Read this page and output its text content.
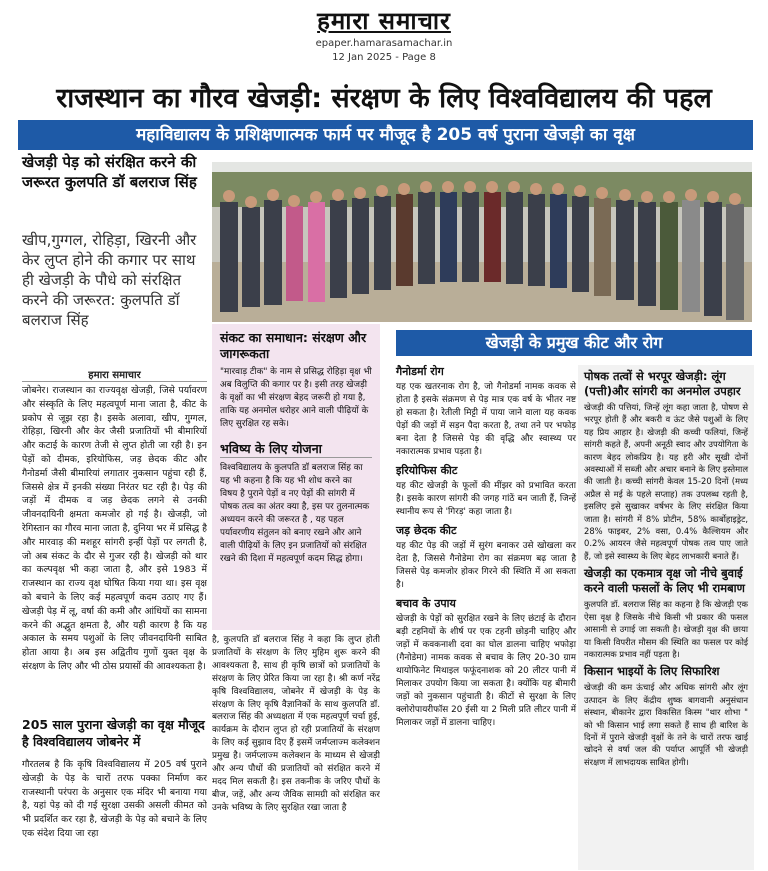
हमारा समाचार
epaper.hamarasamachar.in
12 Jan 2025 - Page 8
राजस्थान का गौरव खेजड़ी: संरक्षण के लिए विश्वविद्यालय की पहल
महाविद्यालय के प्रशिक्षणात्मक फार्म पर मौजूद है 205 वर्ष पुराना खेजड़ी का वृक्ष
खेजड़ी पेड़ को संरक्षित करने की जरूरत कुलपति डॉ बलराज सिंह
खीप,गुग्गल, रोहिड़ा, खिरनी और केर लुप्त होने की कगार पर साथ ही खेजड़ी के पौधे को संरक्षित करने की जरूरत: कुलपति डॉ बलराज सिंह
हमारा समाचार
जोबनेर। राजस्थान का राज्यवृक्ष खेजड़ी, जिसे पर्यावरण और संस्कृति के लिए महत्वपूर्ण माना जाता है, कीट के प्रकोप से जूझ रहा है। इसके अलावा, खीप, गुग्गल, रोहिड़ा, खिरनी और केर जैसी प्रजातियों भी बीमारियों और कटाई के कारण तेजी से लुप्त होती जा रही है। इन पेड़ों को दीमक, इरियोफिस, जड़ छेदक कीट और गैनोडर्मा जैसी बीमारियां लगातार नुकसान पहुंचा रही हैं, जिससे क्षेत्र में इनकी संख्या निरंतर घट रही है। पेड़ की जड़ों में दीमक व जड़ छेदक लगने से उनकी जीवनदायिनी क्षमता कमजोर हो गई है। खेजड़ी, जो रेगिस्तान का गौरव माना जाता है, दुनिया भर में प्रसिद्ध है और मारवाड़ की मशहूर सांगरी इन्हीं पेड़ों पर लगती है, जो अब संकट के दौर से गुजर रही है। खेजड़ी को थार का कल्पवृक्ष भी कहा जाता है, और इसे 1983 में राजस्थान का राज्य वृक्ष घोषित किया गया था। इस वृक्ष को बचाने के लिए कई महत्वपूर्ण कदम उठाए गए हैं। खेजड़ी पेड़ में लू, वर्षा की कमी और आंधियों का सामना करने की अद्भुत क्षमता है, और यही कारण है कि यह अकाल के समय पशुओं के लिए जीवनदायिनी साबित होता आया है। अब इस अद्वितीय गुणों युक्त वृक्ष के संरक्षण के लिए और भी ठोस प्रयासों की आवश्यकता है।
205 साल पुराना खेजड़ी का वृक्ष मौजूद है विश्वविद्यालय जोबनेर में
गौरतलब है कि कृषि विश्वविद्यालय में 205 वर्ष पुराने खेजड़ी के पेड़ के चारों तरफ पक्का निर्माण कर राजस्थानी परंपरा के अनुसार एक मंदिर भी बनाया गया है, यहां पेड़ को दी गई सुरक्षा उसकी असली कीमत को भी प्रदर्शित कर रहा है, खेजड़ी के पेड़ को बचाने के लिए एक संदेश दिया जा रहा
संकट का समाधान: संरक्षण और जागरूकता
"मारवाड़ टीक" के नाम से प्रसिद्ध रोहिड़ा वृक्ष भी अब विलुप्ति की कगार पर है। इसी तरह खेजड़ी के वृक्षों का भी संरक्षण बेहद जरूरी हो गया है, ताकि यह अनमोल धरोहर आने वाली पीढ़ियों के लिए सुरक्षित रह सके।
भविष्य के लिए योजना
विश्वविद्यालय के कुलपति डॉ बलराज सिंह का यह भी कहना है कि यह भी शोध करने का विषय है पुराने पेड़ों व नए पेड़ों की सांगरी में पोषक तत्व का अंतर क्या है, इस पर तुलनात्मक अध्ययन करने की जरूरत है , यह पहल पर्यावरणीय संतुलन को बनाए रखने और आने वाली पीढ़ियों के लिए इन प्रजातियों को संरक्षित रखने की दिशा में महत्वपूर्ण कदम सिद्ध होगा।
है, कुलपति डॉ बलराज सिंह ने कहा कि लुप्त होती प्रजातियों के संरक्षण के लिए मुहिम शुरू करने की आवश्यकता है, साथ ही कृषि छात्रों को प्रजातियों के संरक्षण के लिए प्रेरित किया जा रहा है। श्री कर्ण नरेंद्र कृषि विश्वविद्यालय, जोबनेर में खेजड़ी के पेड़ के संरक्षण के लिए कृषि वैज्ञानिकों के साथ कुलपति डॉ. बलराज सिंह की अध्यक्षता में एक महत्वपूर्ण चर्चा हुई, कार्यक्रम के दौरान लुप्त हो रही प्रजातियों के संरक्षण के लिए कई सुझाव दिए हैं इसमें जर्मप्लाज्म कलेक्शन प्रमुख है। जर्मप्लाज्म कलेक्शन के माध्यम से खेजड़ी और अन्य पौधों की प्रजातियों को संरक्षित करने में मदद मिल सकती है। इस तकनीक के जरिए पौधों के बीज, जड़ें, और अन्य जैविक सामग्री को संरक्षित कर उनके भविष्य के लिए सुरक्षित रखा जाता है
खेजड़ी के प्रमुख कीट और रोग
गैनोडर्मा रोग
यह एक खतरनाक रोग है, जो गैनोडर्मा नामक कवक से होता है इसके संक्रमण से पेड़ मात्र एक वर्ष के भीतर नष्ट हो सकता है। रेतीली मिट्टी में पाया जाने वाला यह कवक पेड़ों की जड़ों में सड़न पैदा करता है, तथा तने पर भफोड़ बना देता है जिससे पेड़ की वृद्धि और स्वास्थ्य पर नकारात्मक प्रभाव पड़ता है।
इरियोफिस कीट
यह कीट खेजड़ी के फूलों की मींझर को प्रभावित करता है। इसके कारण सांगरी की जगह गांठें बन जाती हैं, जिन्हें स्थानीय रूप से 'गिरड़' कहा जाता है।
जड़ छेदक कीट
यह कीट पेड़ की जड़ों में सुरंग बनाकर उसे खोखला कर देता है, जिससे गैनोडेमा रोग का संक्रमण बढ़ जाता है जिससे पेड़ कमजोर होकर गिरने की स्थिति में आ सकता है।
बचाव के उपाय
खेजड़ी के पेड़ों को सुरक्षित रखने के लिए छंटाई के दौरान बड़ी टहनियों के शीर्ष पर एक टहनी छोड़नी चाहिए और जड़ों में कवकनाशी दवा का घोल डालना चाहिए भफोड़ा (गैनोडेमा) नामक कवक से बचाव के लिए 20-30 ग्राम थायोफिनेट मिथाइल फफूंदनाशक को 20 लीटर पानी में मिलाकर उपयोग किया जा सकता है। क्योंकि यह बीमारी जड़ों को नुकसान पहुंचाती है। कीटों से सुरक्षा के लिए क्लोरोपायरीफॉस 20 ईसी या 2 मिली प्रति लीटर पानी में मिलाकर जड़ों में डालना चाहिए।
पोषक तत्वों से भरपूर खेजड़ी: लूंग (पत्ती)और सांगरी का अनमोल उपहार
खेजड़ी की पत्तियां, जिन्हें लूंग कहा जाता है, पोषण से भरपूर होती हैं और बकरी व ऊंट जैसे पशुओं के लिए यह प्रिय आहार है। खेजड़ी की कच्ची फलियां, जिन्हें सांगरी कहते हैं, अपनी अनूठी स्वाद और उपयोगिता के कारण बेहद लोकप्रिय है। यह हरी और सूखी दोनों अवस्थाओं में सब्जी और अचार बनाने के लिए इस्तेमाल की जाती है। कच्ची सांगरी केवल 15-20 दिनों (मध्य अप्रैल से मई के पहले सप्ताह) तक उपलब्ध रहती है, इसलिए इसे सुखाकर वर्षभर के लिए संरक्षित किया जाता है। सांगरी में 8% प्रोटीन, 58% कार्बोहाइड्रेट, 28% फाइबर, 2% वसा, 0.4% कैल्शियम और 0.2% आयरन जैसे महत्वपूर्ण पोषक तत्व पाए जाते हैं, जो इसे स्वास्थ्य के लिए बेहद लाभकारी बनाते हैं।
खेजड़ी का एकमात्र वृक्ष जो नीचे बुवाई करने वाली फसलों के लिए भी रामबाण
कुलपति डॉ. बलराज सिंह का कहना है कि खेजड़ी एक ऐसा वृक्ष है जिसके नीचे किसी भी प्रकार की फसल आसानी से उगाई जा सकती है। खेजड़ी वृक्ष की छाया या किसी विपरीत मौसम की स्थिति का फसल पर कोई नकारात्मक प्रभाव नहीं पड़ता है।
किसान भाइयों के लिए सिफारिश
खेजड़ी की कम ऊंचाई और अधिक सांगरी और लूंग उत्पादन के लिए केंद्रीय शुष्क बागवानी अनुसंधान संस्थान, बीकानेर द्वारा विकसित किस्म "थार शोभा " को भी किसान भाई लगा सकते हैं साथ ही बारिश के दिनों में पुराने खेजड़ी वृक्षों के तने के चारों तरफ खाई खोदने से वर्षा जल की पर्याप्त आपूर्ति भी खेजड़ी संरक्षण में लाभदायक साबित होगी।
